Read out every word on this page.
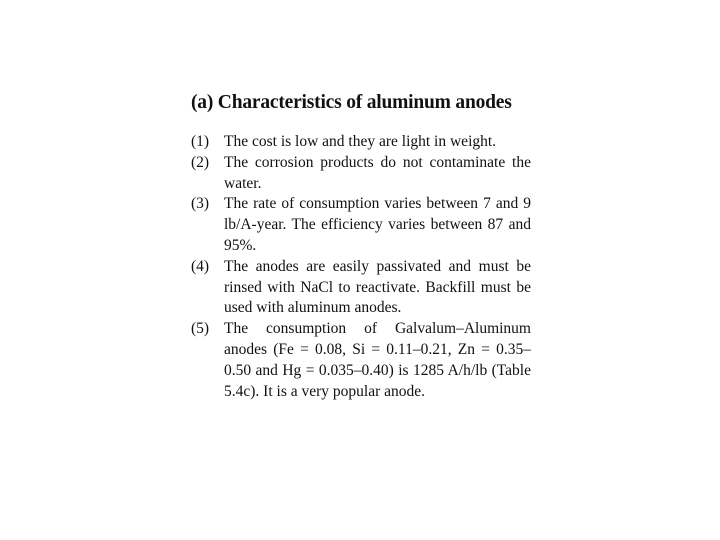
(a) Characteristics of aluminum anodes
(1) The cost is low and they are light in weight.
(2) The corrosion products do not contaminate the water.
(3) The rate of consumption varies between 7 and 9 lb/A-year. The efficiency varies between 87 and 95%.
(4) The anodes are easily passivated and must be rinsed with NaCl to reactivate. Backfill must be used with aluminum anodes.
(5) The consumption of Galvalum–Aluminum anodes (Fe = 0.08, Si = 0.11–0.21, Zn = 0.35–0.50 and Hg = 0.035–0.40) is 1285 A/h/lb (Table 5.4c). It is a very popular anode.
